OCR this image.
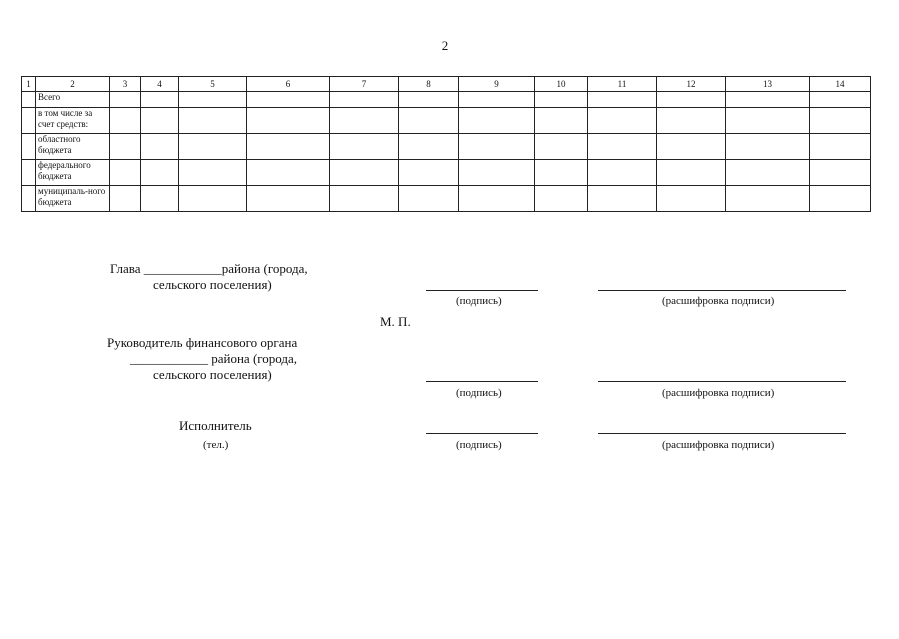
2
1	2	3	4	5	6	7	8	9	10	11	12	13	14
	Всего												
	в том числе за счет средств:												
	областного бюджета												
	федерального бюджета												
	муниципаль-ного бюджета												
Глава ____________района (города,
сельского поселения)
(подпись)	(расшифровка подписи)
М. П.
Руководитель финансового органа
____________ района (города,
сельского поселения)
(подпись)	(расшифровка подписи)
Исполнитель
(тел.)	(подпись)	(расшифровка подписи)
